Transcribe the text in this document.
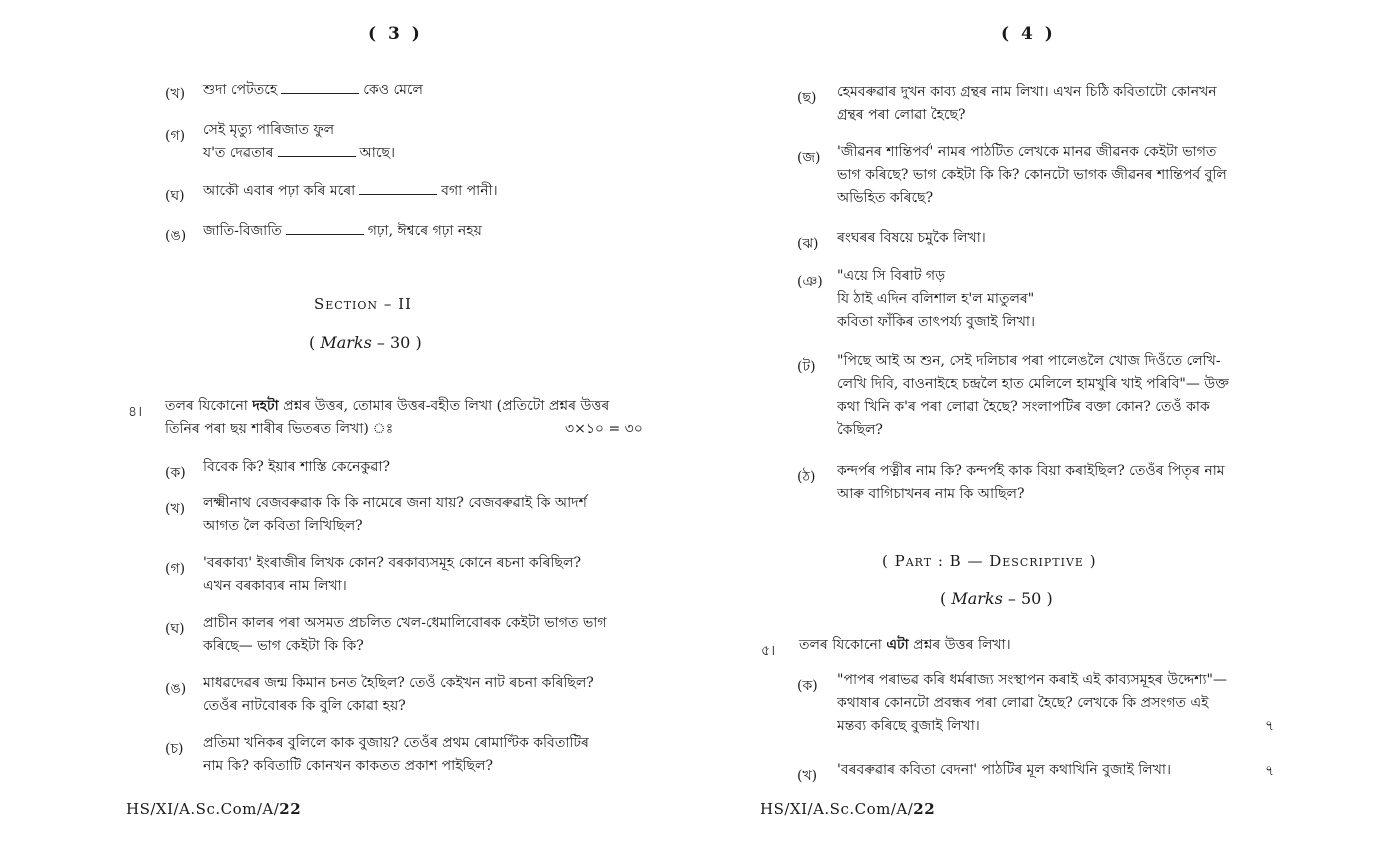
( 3 )
(খ) শুদা পেটতহে	কেও মেলে
(গ) সেই মৃত্যু পাৰিজাত ফুল
য'ত দেৱতাৰ	আছে।
(ঘ) আকৌ এবাৰ পঢ়া কৰি মৰো	বগা পানী।
(ঙ) জাতি-বিজাতি	গঢ়া, ঈশ্বৰে গঢ়া নহয়
Section – II
( Marks – 30 )
৪। তলৰ যিকোনো দহটা প্ৰশ্নৰ উত্তৰ, তোমাৰ উত্তৰ-বহীত লিখা (প্ৰতিটো প্ৰশ্নৰ উত্তৰ
তিনিৰ পৰা ছয় শাৰীৰ ভিতৰত লিখা) ঃ	৩×১০ = ৩০
(ক) বিবেক কি? ইয়াৰ শাস্তি কেনেকুৱা?
(খ) লক্ষ্মীনাথ বেজবৰুৱাক কি কি নামেৰে জনা যায়? বেজবৰুৱাই কি আদৰ্শ
আগত লৈ কবিতা লিখিছিল?
(গ) 'বৰকাব্য' ইংৰাজীৰ লিখক কোন? বৰকাব্যসমূহ কোনে ৰচনা কৰিছিল?
এখন বৰকাব্যৰ নাম লিখা।
(ঘ) প্ৰাচীন কালৰ পৰা অসমত প্ৰচলিত খেল-ধেমালিবোৰক কেইটা ভাগত ভাগ
কৰিছে— ভাগ কেইটা কি কি?
(ঙ) মাধৱদেৱৰ জন্ম কিমান চনত হৈছিল? তেওঁ কেইখন নাট ৰচনা কৰিছিল?
তেওঁৰ নাটবোৰক কি বুলি কোৱা হয়?
(চ) প্ৰতিমা খনিকৰ বুলিলে কাক বুজায়? তেওঁৰ প্ৰথম ৰোমাণ্টিক কবিতাটিৰ
নাম কি? কবিতাটি কোনখন কাকতত প্ৰকাশ পাইছিল?
HS/XI/A.Sc.Com/A/22
( 4 )
(ছ) হেমবৰুৱাৰ দুখন কাব্য গ্ৰন্থৰ নাম লিখা। এখন চিঠি কবিতাটো কোনখন
গ্ৰন্থৰ পৰা লোৱা হৈছে?
(জ) 'জীৱনৰ শান্তিপৰ্ব' নামৰ পাঠটিত লেখকে মানৱ জীৱনক কেইটা ভাগত
ভাগ কৰিছে? ভাগ কেইটা কি কি? কোনটো ভাগক জীৱনৰ শান্তিপৰ্ব বুলি
অভিহিত কৰিছে?
(ঝ) ৰংঘৰৰ বিষয়ে চমুকৈ লিখা।
(ঞ) "এয়ে সি বিৰাট গড়
যি ঠাই এদিন বলিশাল হ'ল মাতুলৰ"
কবিতা ফাঁকিৰ তাৎপৰ্য্য বুজাই লিখা।
(ট) "পিছে আই অ শুন, সেই দলিচাৰ পৰা পালেঙলৈ খোজ দিওঁতে লেখি-
লেখি দিবি, বাওনাইহে চন্দ্ৰলৈ হাত মেলিলে হামখুৰি খাই পৰিবি"— উক্ত
কথা খিনি ক'ৰ পৰা লোৱা হৈছে? সংলাপটিৰ বক্তা কোন? তেওঁ কাক
কৈছিল?
(ঠ) কন্দৰ্পৰ পত্নীৰ নাম কি? কন্দৰ্পই কাক বিয়া কৰাইছিল? তেওঁৰ পিতৃৰ নাম
আৰু বাগিচাখনৰ নাম কি আছিল?
( Part : B — Descriptive )
( Marks – 50 )
৫। তলৰ যিকোনো এটা প্ৰশ্নৰ উত্তৰ লিখা।
(ক) "পাপৰ পৰাভৱ কৰি ধৰ্মৰাজ্য সংস্থাপন কৰাই এই কাব্যসমূহৰ উদ্দেশ্য"—
কথাষাৰ কোনটো প্ৰবন্ধৰ পৰা লোৱা হৈছে? লেখকে কি প্ৰসংগত এই
মন্তব্য কৰিছে বুজাই লিখা।	৭
(খ) 'বৰবৰুৱাৰ কবিতা বেদনা' পাঠটিৰ মূল কথাখিনি বুজাই লিখা।	৭
HS/XI/A.Sc.Com/A/22
